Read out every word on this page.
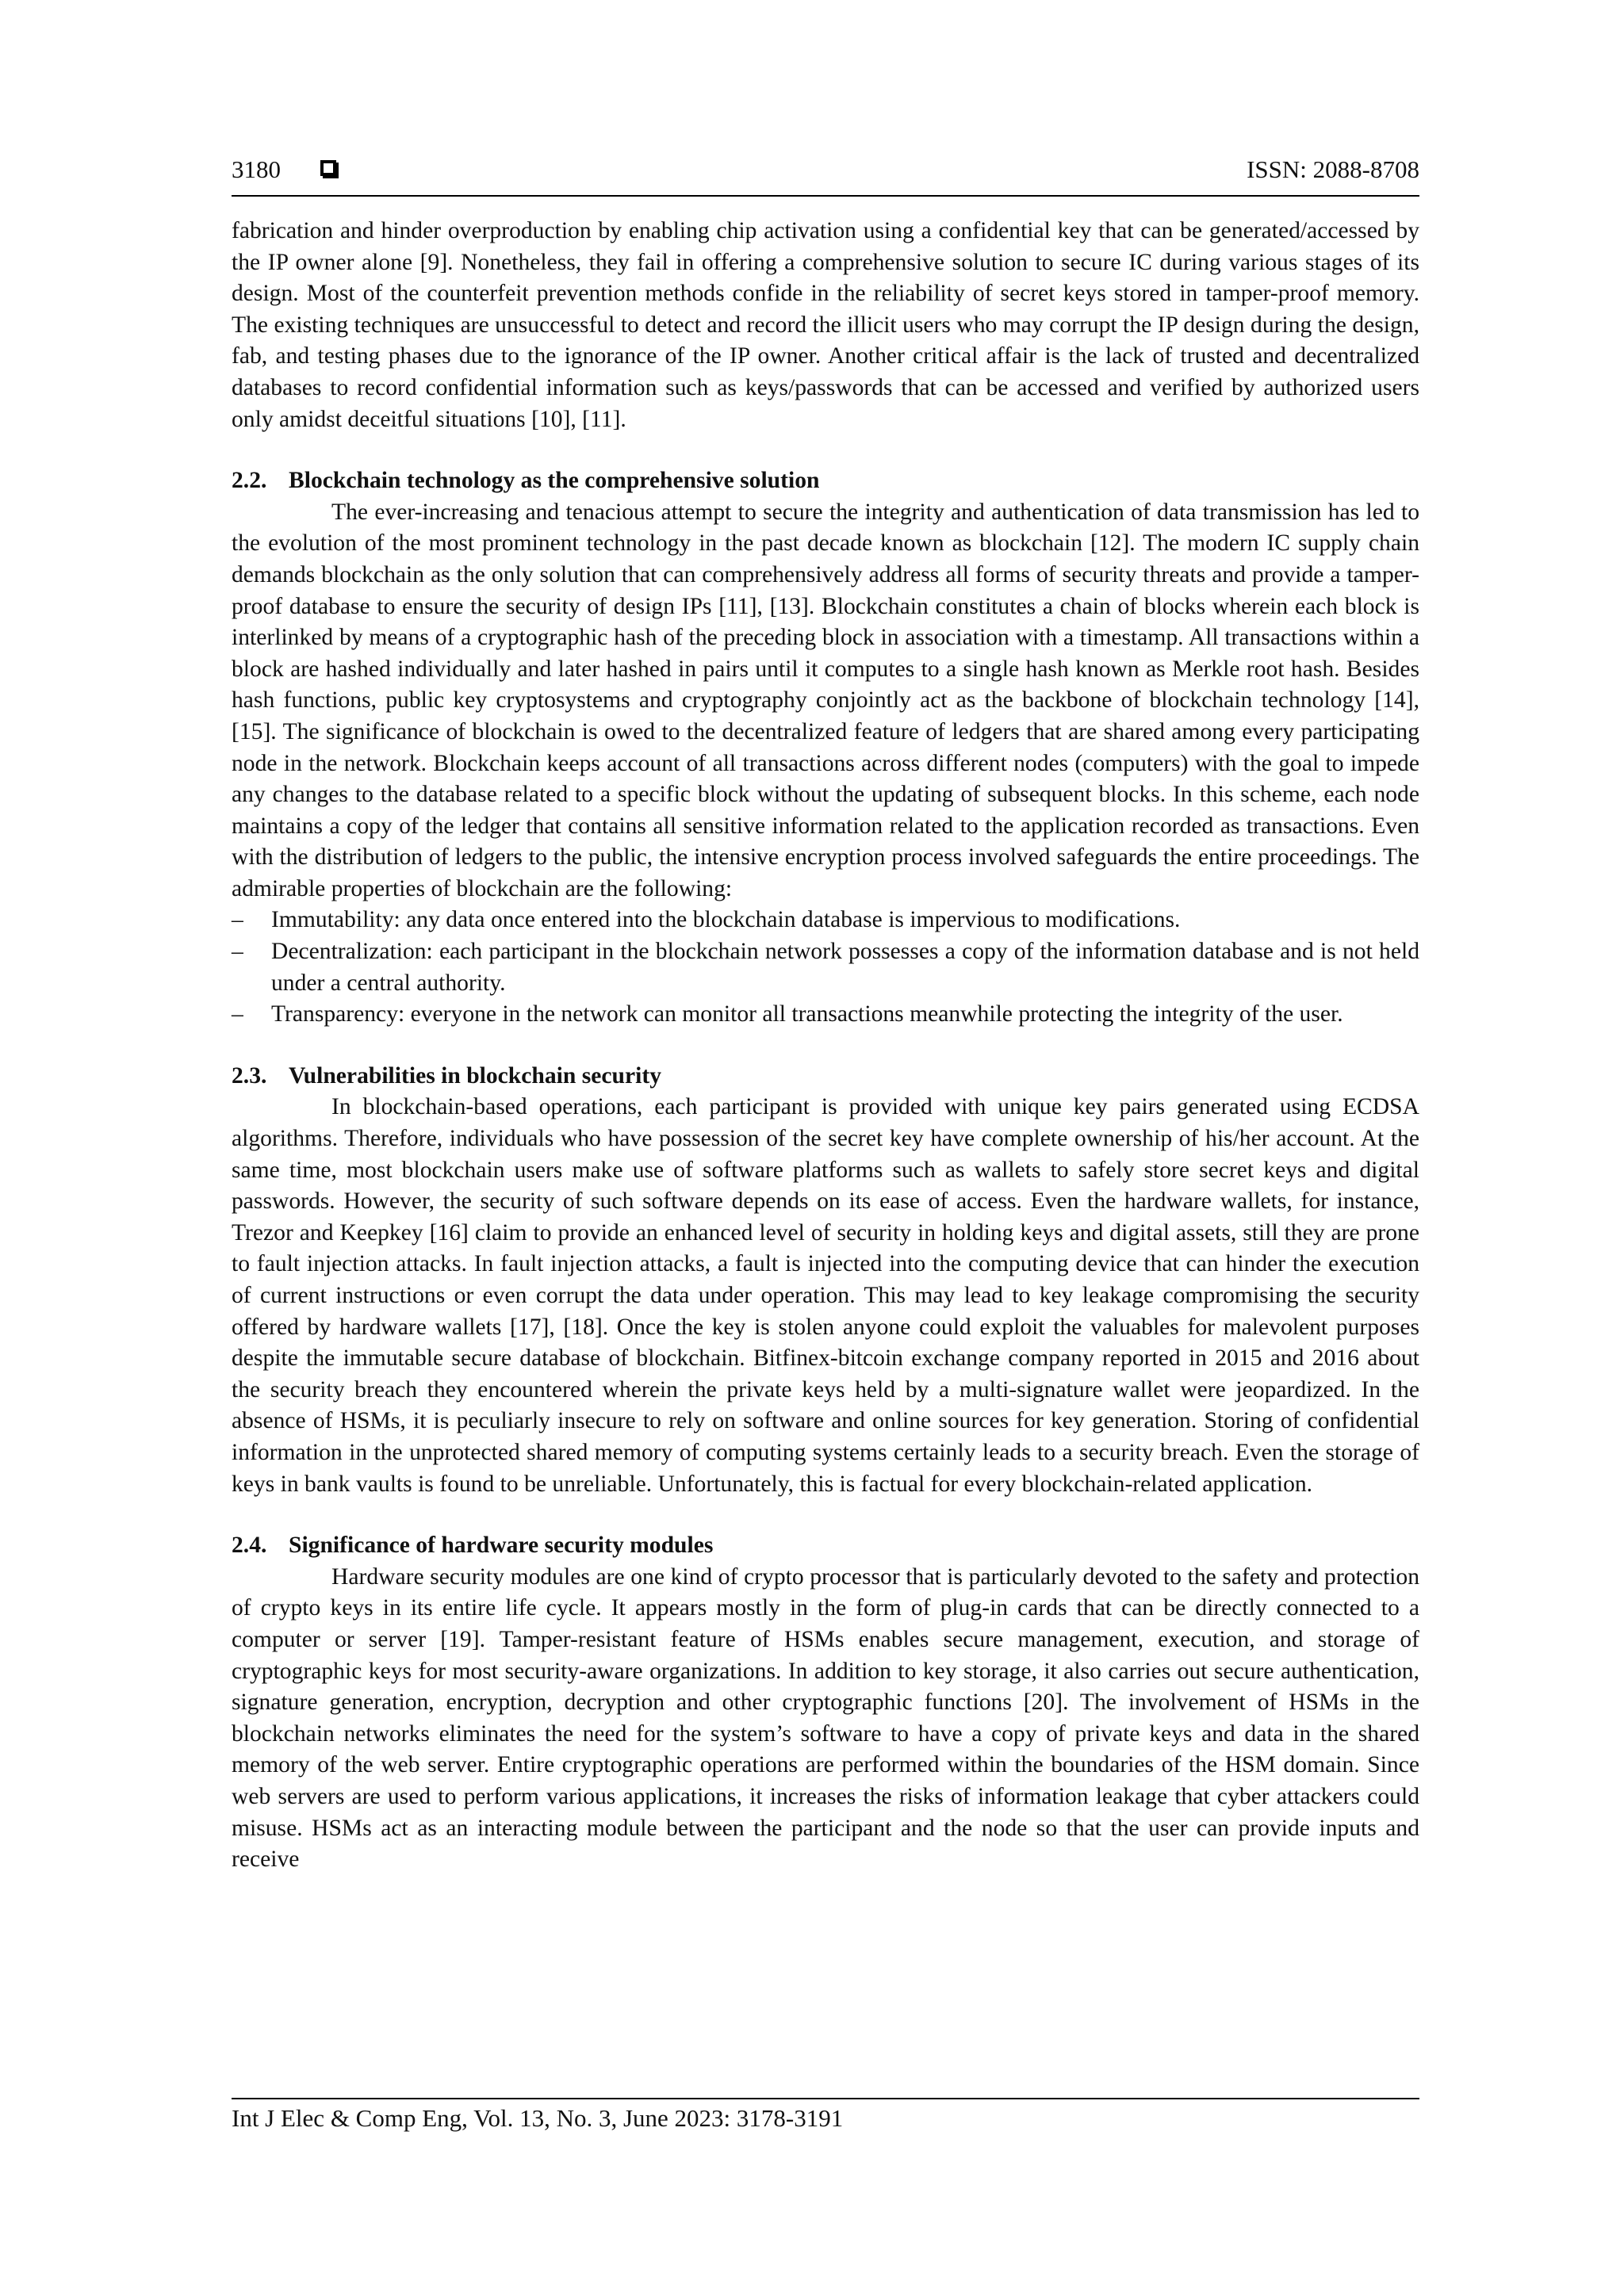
3180	ISSN: 2088-8708

fabrication and hinder overproduction by enabling chip activation using a confidential key that can be generated/accessed by the IP owner alone [9]. Nonetheless, they fail in offering a comprehensive solution to secure IC during various stages of its design. Most of the counterfeit prevention methods confide in the reliability of secret keys stored in tamper-proof memory. The existing techniques are unsuccessful to detect and record the illicit users who may corrupt the IP design during the design, fab, and testing phases due to the ignorance of the IP owner. Another critical affair is the lack of trusted and decentralized databases to record confidential information such as keys/passwords that can be accessed and verified by authorized users only amidst deceitful situations [10], [11].

2.2. Blockchain technology as the comprehensive solution

The ever-increasing and tenacious attempt to secure the integrity and authentication of data transmission has led to the evolution of the most prominent technology in the past decade known as blockchain [12]. The modern IC supply chain demands blockchain as the only solution that can comprehensively address all forms of security threats and provide a tamper-proof database to ensure the security of design IPs [11], [13]. Blockchain constitutes a chain of blocks wherein each block is interlinked by means of a cryptographic hash of the preceding block in association with a timestamp. All transactions within a block are hashed individually and later hashed in pairs until it computes to a single hash known as Merkle root hash. Besides hash functions, public key cryptosystems and cryptography conjointly act as the backbone of blockchain technology [14], [15]. The significance of blockchain is owed to the decentralized feature of ledgers that are shared among every participating node in the network. Blockchain keeps account of all transactions across different nodes (computers) with the goal to impede any changes to the database related to a specific block without the updating of subsequent blocks. In this scheme, each node maintains a copy of the ledger that contains all sensitive information related to the application recorded as transactions. Even with the distribution of ledgers to the public, the intensive encryption process involved safeguards the entire proceedings. The admirable properties of blockchain are the following:

– Immutability: any data once entered into the blockchain database is impervious to modifications.
– Decentralization: each participant in the blockchain network possesses a copy of the information database and is not held under a central authority.
– Transparency: everyone in the network can monitor all transactions meanwhile protecting the integrity of the user.
2.3. Vulnerabilities in blockchain security

In blockchain-based operations, each participant is provided with unique key pairs generated using ECDSA algorithms. Therefore, individuals who have possession of the secret key have complete ownership of his/her account. At the same time, most blockchain users make use of software platforms such as wallets to safely store secret keys and digital passwords. However, the security of such software depends on its ease of access. Even the hardware wallets, for instance, Trezor and Keepkey [16] claim to provide an enhanced level of security in holding keys and digital assets, still they are prone to fault injection attacks. In fault injection attacks, a fault is injected into the computing device that can hinder the execution of current instructions or even corrupt the data under operation. This may lead to key leakage compromising the security offered by hardware wallets [17], [18]. Once the key is stolen anyone could exploit the valuables for malevolent purposes despite the immutable secure database of blockchain. Bitfinex-bitcoin exchange company reported in 2015 and 2016 about the security breach they encountered wherein the private keys held by a multi-signature wallet were jeopardized. In the absence of HSMs, it is peculiarly insecure to rely on software and online sources for key generation. Storing of confidential information in the unprotected shared memory of computing systems certainly leads to a security breach. Even the storage of keys in bank vaults is found to be unreliable. Unfortunately, this is factual for every blockchain-related application.

2.4. Significance of hardware security modules

Hardware security modules are one kind of crypto processor that is particularly devoted to the safety and protection of crypto keys in its entire life cycle. It appears mostly in the form of plug-in cards that can be directly connected to a computer or server [19]. Tamper-resistant feature of HSMs enables secure management, execution, and storage of cryptographic keys for most security-aware organizations. In addition to key storage, it also carries out secure authentication, signature generation, encryption, decryption and other cryptographic functions [20]. The involvement of HSMs in the blockchain networks eliminates the need for the system’s software to have a copy of private keys and data in the shared memory of the web server. Entire cryptographic operations are performed within the boundaries of the HSM domain. Since web servers are used to perform various applications, it increases the risks of information leakage that cyber attackers could misuse. HSMs act as an interacting module between the participant and the node so that the user can provide inputs and receive

Int J Elec & Comp Eng, Vol. 13, No. 3, June 2023: 3178-3191
